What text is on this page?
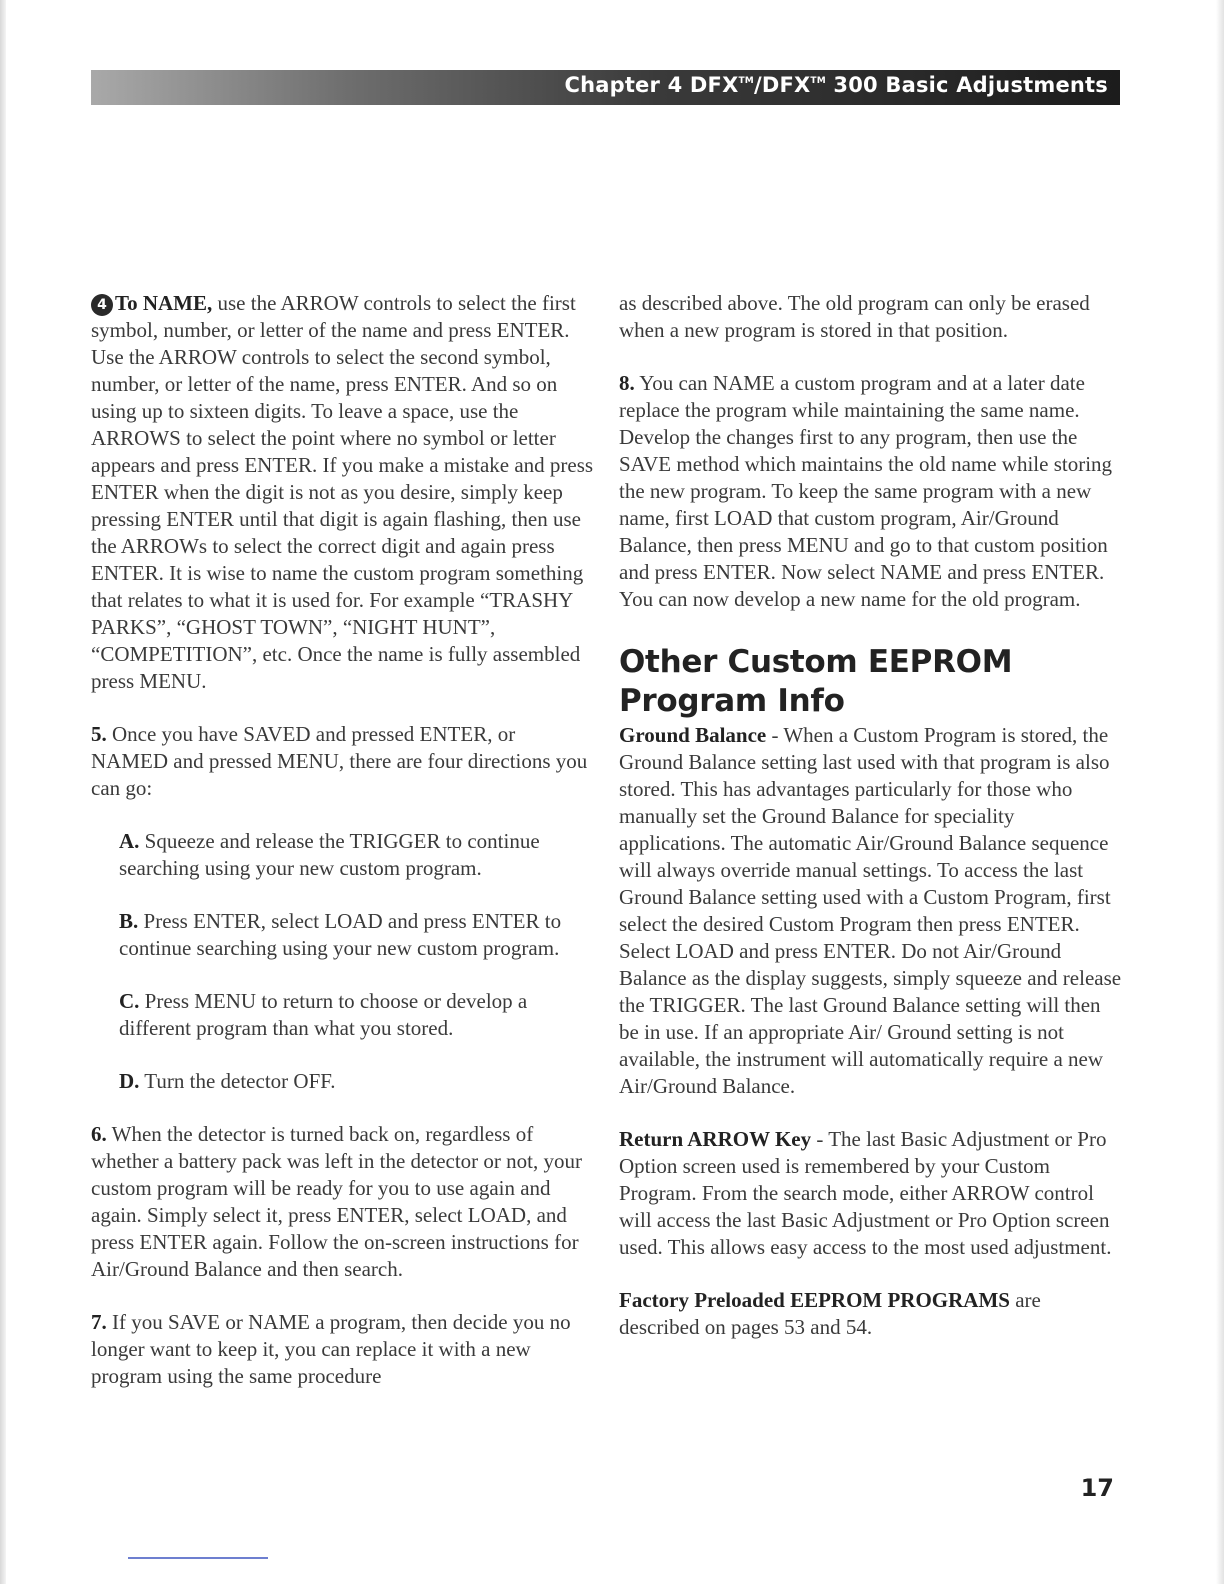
Chapter 4 DFX™/DFX™ 300 Basic Adjustments

4 To NAME, use the ARROW controls to select the first symbol, number, or letter of the name and press ENTER. Use the ARROW controls to select the second symbol, number, or letter of the name, press ENTER. And so on using up to sixteen digits. To leave a space, use the ARROWS to select the point where no symbol or letter appears and press ENTER. If you make a mistake and press ENTER when the digit is not as you desire, simply keep pressing ENTER until that digit is again flashing, then use the ARROWs to select the correct digit and again press ENTER. It is wise to name the custom program something that relates to what it is used for. For example “TRASHY PARKS”, “GHOST TOWN”, “NIGHT HUNT”, “COMPETITION”, etc. Once the name is fully assembled press MENU.

5. Once you have SAVED and pressed ENTER, or NAMED and pressed MENU, there are four directions you can go:

A. Squeeze and release the TRIGGER to continue searching using your new custom program.

B. Press ENTER, select LOAD and press ENTER to continue searching using your new custom program.

C. Press MENU to return to choose or develop a different program than what you stored.

D. Turn the detector OFF.

6. When the detector is turned back on, regardless of whether a battery pack was left in the detector or not, your custom program will be ready for you to use again and again. Simply select it, press ENTER, select LOAD, and press ENTER again. Follow the on-screen instructions for Air/Ground Balance and then search.

7. If you SAVE or NAME a program, then decide you no longer want to keep it, you can replace it with a new program using the same procedure

as described above. The old program can only be erased when a new program is stored in that position.

8. You can NAME a custom program and at a later date replace the program while maintaining the same name. Develop the changes first to any program, then use the SAVE method which maintains the old name while storing the new program. To keep the same program with a new name, first LOAD that custom program, Air/Ground Balance, then press MENU and go to that custom position and press ENTER. Now select NAME and press ENTER. You can now develop a new name for the old program.

Other Custom EEPROM Program Info

Ground Balance - When a Custom Program is stored, the Ground Balance setting last used with that program is also stored. This has advantages particularly for those who manually set the Ground Balance for speciality applications. The automatic Air/Ground Balance sequence will always override manual settings. To access the last Ground Balance setting used with a Custom Program, first select the desired Custom Program then press ENTER. Select LOAD and press ENTER. Do not Air/Ground Balance as the display suggests, simply squeeze and release the TRIGGER. The last Ground Balance setting will then be in use. If an appropriate Air/ Ground setting is not available, the instrument will automatically require a new Air/Ground Balance.

Return ARROW Key - The last Basic Adjustment or Pro Option screen used is remembered by your Custom Program. From the search mode, either ARROW control will access the last Basic Adjustment or Pro Option screen used. This allows easy access to the most used adjustment.

Factory Preloaded EEPROM PROGRAMS are described on pages 53 and 54.

17
